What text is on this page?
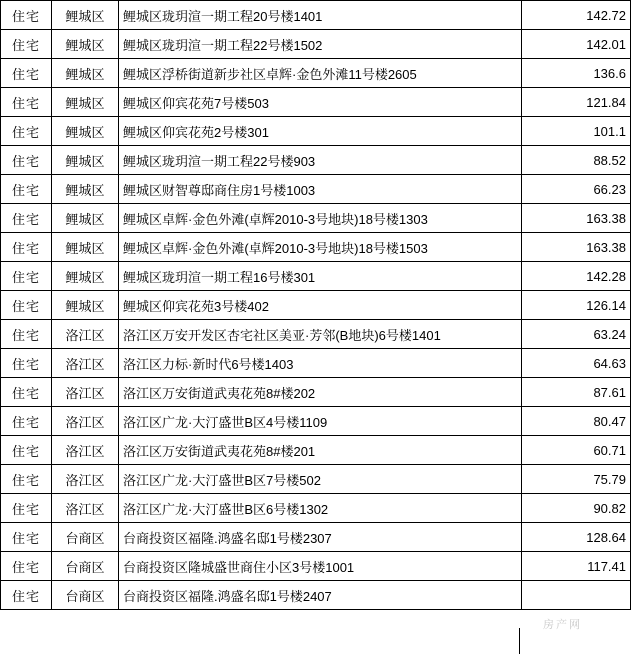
住宅	鲤城区	鲤城区珑玥渲一期工程20号楼1401	142.72
住宅	鲤城区	鲤城区珑玥渲一期工程22号楼1502	142.01
住宅	鲤城区	鲤城区浮桥街道新步社区卓辉·金色外滩11号楼2605	136.6
住宅	鲤城区	鲤城区仰宾花苑7号楼503	121.84
住宅	鲤城区	鲤城区仰宾花苑2号楼301	101.1
住宅	鲤城区	鲤城区珑玥渲一期工程22号楼903	88.52
住宅	鲤城区	鲤城区财智尊邸商住房1号楼1003	66.23
住宅	鲤城区	鲤城区卓辉·金色外滩(卓辉2010-3号地块)18号楼1303	163.38
住宅	鲤城区	鲤城区卓辉·金色外滩(卓辉2010-3号地块)18号楼1503	163.38
住宅	鲤城区	鲤城区珑玥渲一期工程16号楼301	142.28
住宅	鲤城区	鲤城区仰宾花苑3号楼402	126.14
住宅	洛江区	洛江区万安开发区杏宅社区美亚·芳邻(B地块)6号楼1401	63.24
住宅	洛江区	洛江区力标·新时代6号楼1403	64.63
住宅	洛江区	洛江区万安街道武夷花苑8#楼202	87.61
住宅	洛江区	洛江区广龙·大汀盛世B区4号楼1109	80.47
住宅	洛江区	洛江区万安街道武夷花苑8#楼201	60.71
住宅	洛江区	洛江区广龙·大汀盛世B区7号楼502	75.79
住宅	洛江区	洛江区广龙·大汀盛世B区6号楼1302	90.82
住宅	台商区	台商投资区福隆.鸿盛名邸1号楼2307	128.64
住宅	台商区	台商投资区隆城盛世商住小区3号楼1001	117.41
住宅	台商区	台商投资区福隆.鸿盛名邸1号楼2407	
房产网
